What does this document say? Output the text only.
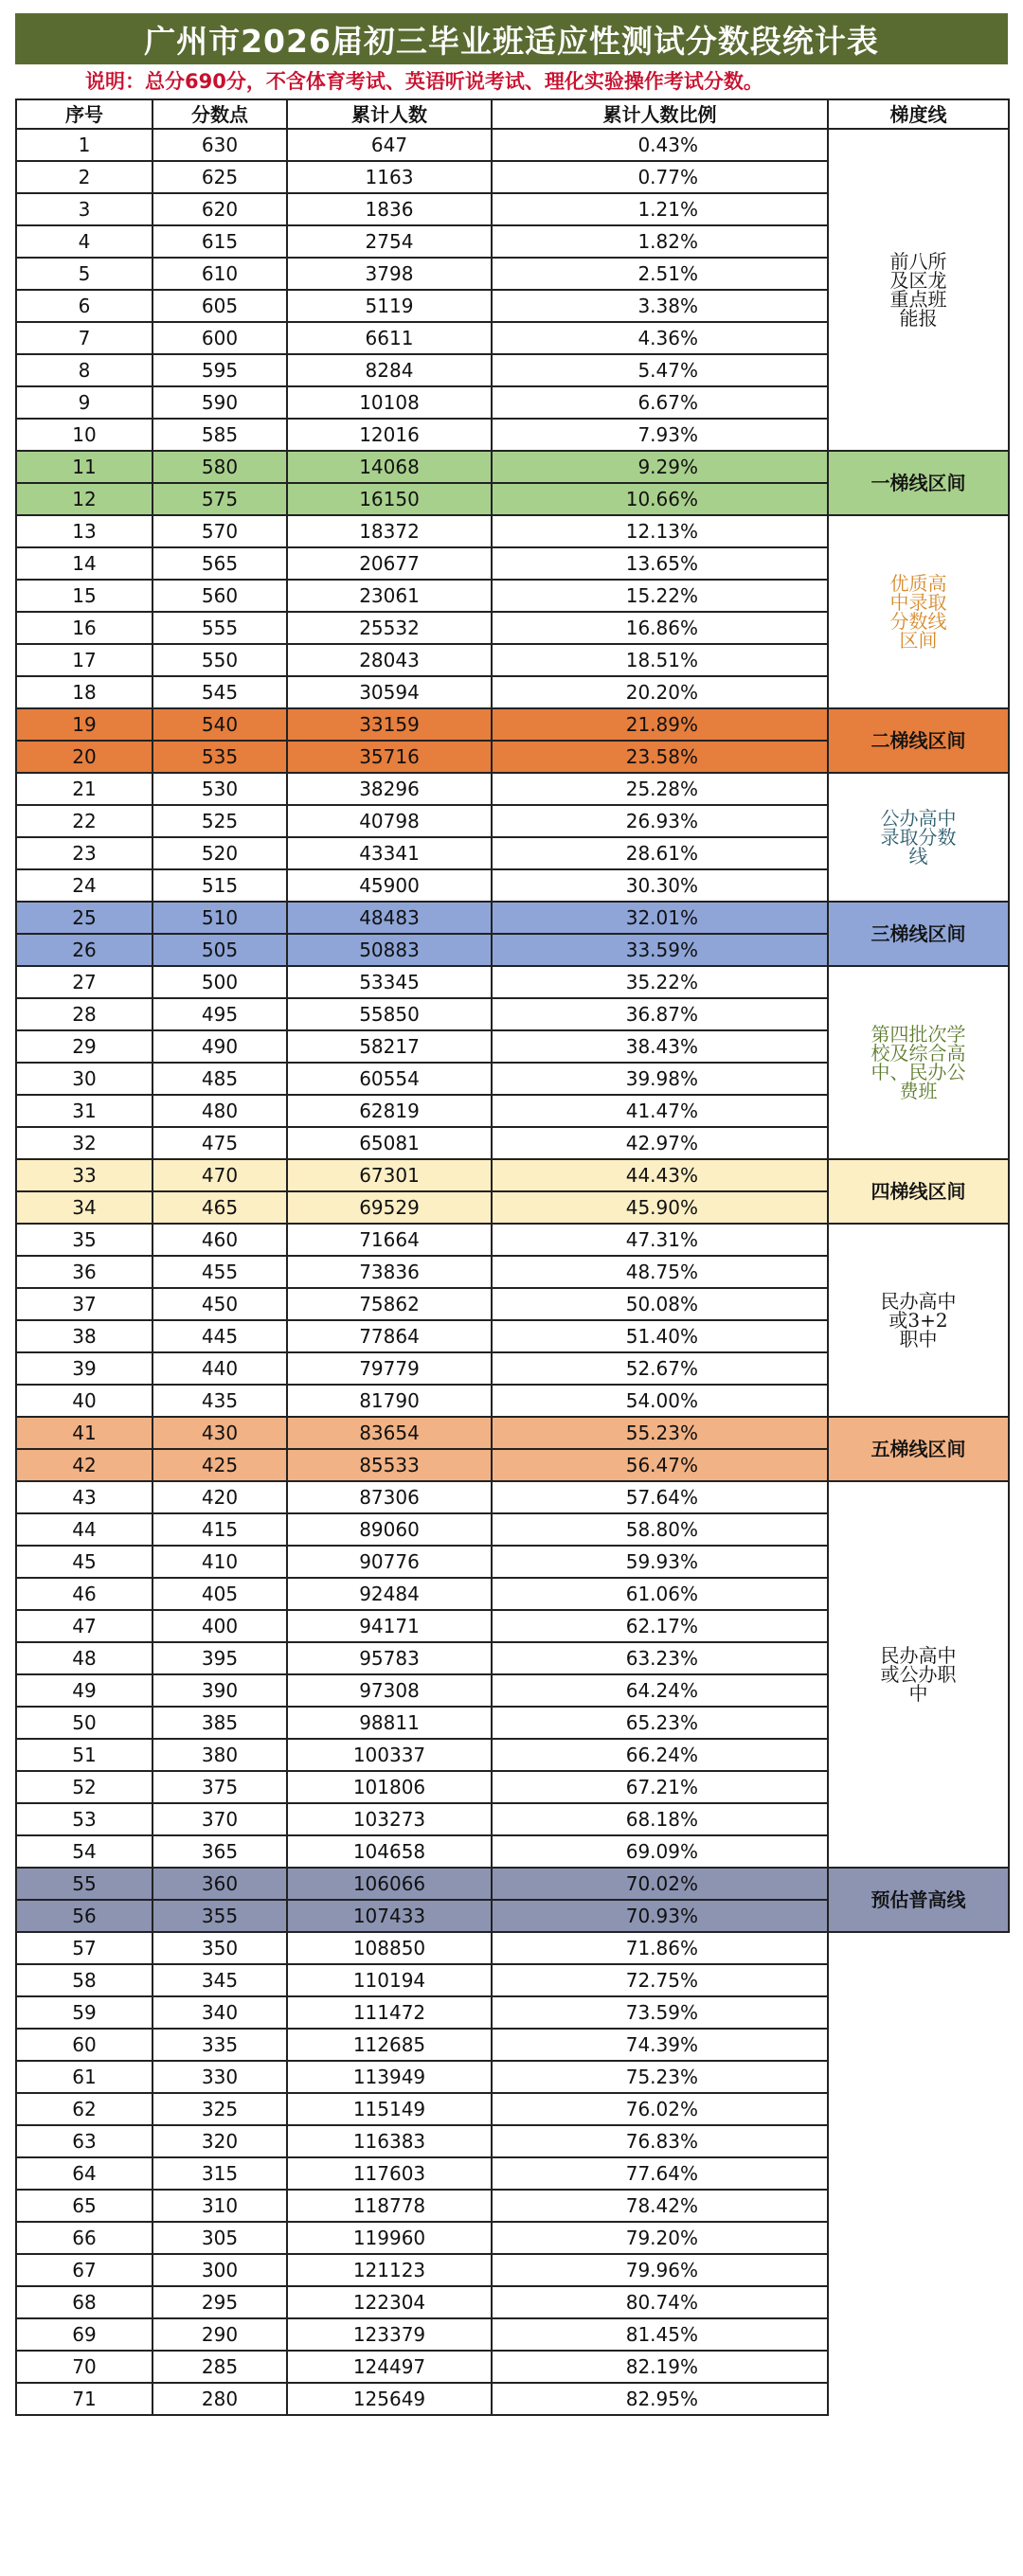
广州市2026届初三毕业班适应性测试分数段统计表
说明：总分690分，不含体育考试、英语听说考试、理化实验操作考试分数。
序号	分数点	累计人数	累计人数比例	梯度线
1	630	647	0.43%	前八所
及区龙
重点班
能报
2	625	1163	0.77%	
3	620	1836	1.21%	
4	615	2754	1.82%	
5	610	3798	2.51%	
6	605	5119	3.38%	
7	600	6611	4.36%	
8	595	8284	5.47%	
9	590	10108	6.67%	
10	585	12016	7.93%	
11	580	14068	9.29%	一梯线区间
12	575	16150	10.66%	
13	570	18372	12.13%	优质高
中录取
分数线
区间
14	565	20677	13.65%	
15	560	23061	15.22%	
16	555	25532	16.86%	
17	550	28043	18.51%	
18	545	30594	20.20%	
19	540	33159	21.89%	二梯线区间
20	535	35716	23.58%	
21	530	38296	25.28%	公办高中
录取分数
线
22	525	40798	26.93%	
23	520	43341	28.61%	
24	515	45900	30.30%	
25	510	48483	32.01%	三梯线区间
26	505	50883	33.59%	
27	500	53345	35.22%	第四批次学
校及综合高
中、民办公
费班
28	495	55850	36.87%	
29	490	58217	38.43%	
30	485	60554	39.98%	
31	480	62819	41.47%	
32	475	65081	42.97%	
33	470	67301	44.43%	四梯线区间
34	465	69529	45.90%	
35	460	71664	47.31%	民办高中
或3+2
职中
36	455	73836	48.75%	
37	450	75862	50.08%	
38	445	77864	51.40%	
39	440	79779	52.67%	
40	435	81790	54.00%	
41	430	83654	55.23%	五梯线区间
42	425	85533	56.47%	
43	420	87306	57.64%	民办高中
或公办职
中
44	415	89060	58.80%	
45	410	90776	59.93%	
46	405	92484	61.06%	
47	400	94171	62.17%	
48	395	95783	63.23%	
49	390	97308	64.24%	
50	385	98811	65.23%	
51	380	100337	66.24%	
52	375	101806	67.21%	
53	370	103273	68.18%	
54	365	104658	69.09%	
55	360	106066	70.02%	预估普高线
56	355	107433	70.93%	
57	350	108850	71.86%	
58	345	110194	72.75%	
59	340	111472	73.59%	
60	335	112685	74.39%	
61	330	113949	75.23%	
62	325	115149	76.02%	
63	320	116383	76.83%	
64	315	117603	77.64%	
65	310	118778	78.42%	
66	305	119960	79.20%	
67	300	121123	79.96%	
68	295	122304	80.74%	
69	290	123379	81.45%	
70	285	124497	82.19%	
71	280	125649	82.95%	
